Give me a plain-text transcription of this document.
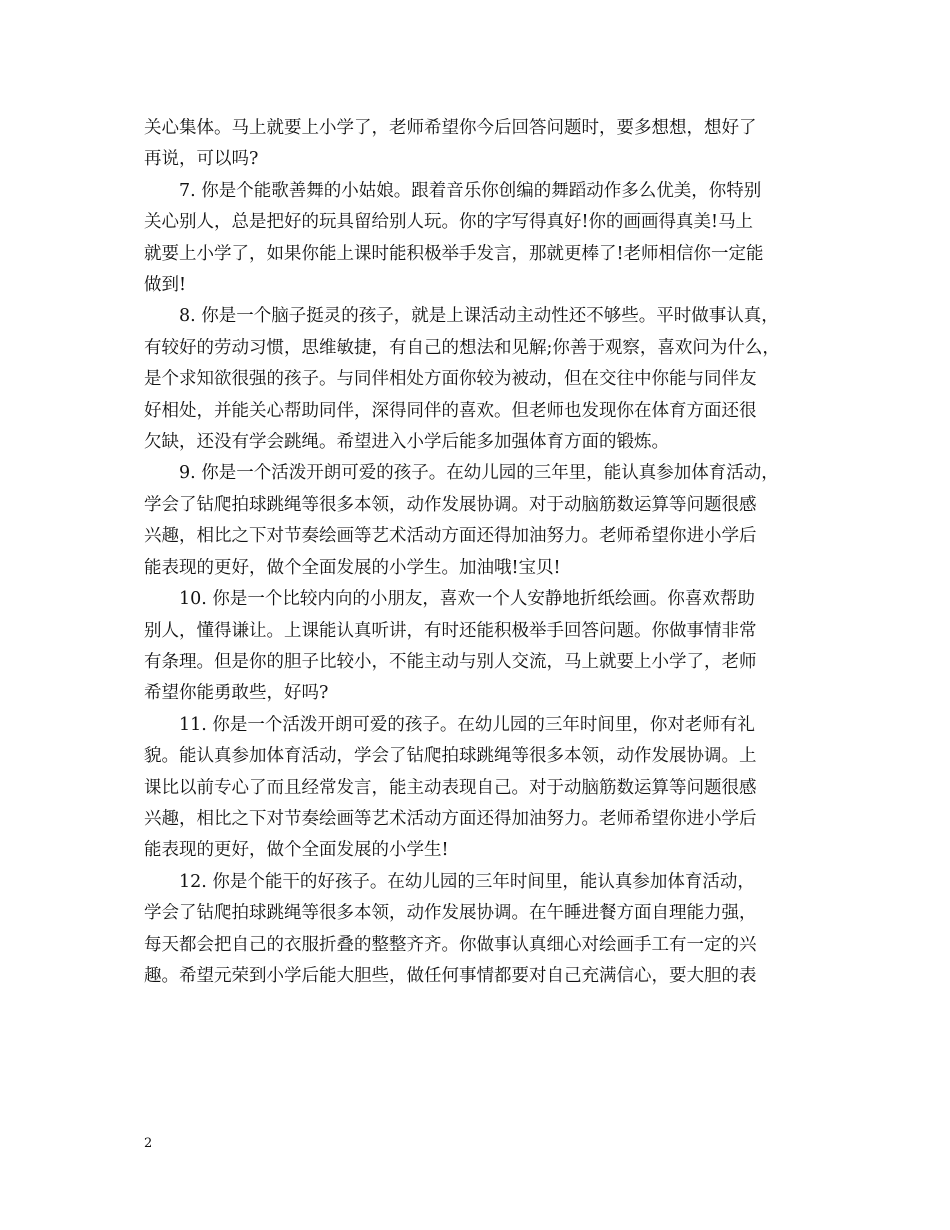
关心集体。马上就要上小学了，老师希望你今后回答问题时，要多想想，想好了
再说，可以吗?

7. 你是个能歌善舞的小姑娘。跟着音乐你创编的舞蹈动作多么优美，你特别
关心别人，总是把好的玩具留给别人玩。你的字写得真好!你的画画得真美!马上
就要上小学了，如果你能上课时能积极举手发言，那就更棒了!老师相信你一定能
做到!

8. 你是一个脑子挺灵的孩子，就是上课活动主动性还不够些。平时做事认真，
有较好的劳动习惯，思维敏捷，有自己的想法和见解;你善于观察，喜欢问为什么，
是个求知欲很强的孩子。与同伴相处方面你较为被动，但在交往中你能与同伴友
好相处，并能关心帮助同伴，深得同伴的喜欢。但老师也发现你在体育方面还很
欠缺，还没有学会跳绳。希望进入小学后能多加强体育方面的锻炼。

9. 你是一个活泼开朗可爱的孩子。在幼儿园的三年里，能认真参加体育活动，
学会了钻爬拍球跳绳等很多本领，动作发展协调。对于动脑筋数运算等问题很感
兴趣，相比之下对节奏绘画等艺术活动方面还得加油努力。老师希望你进小学后
能表现的更好，做个全面发展的小学生。加油哦!宝贝!

10. 你是一个比较内向的小朋友，喜欢一个人安静地折纸绘画。你喜欢帮助
别人，懂得谦让。上课能认真听讲，有时还能积极举手回答问题。你做事情非常
有条理。但是你的胆子比较小，不能主动与别人交流，马上就要上小学了，老师
希望你能勇敢些，好吗?

11. 你是一个活泼开朗可爱的孩子。在幼儿园的三年时间里，你对老师有礼
貌。能认真参加体育活动，学会了钻爬拍球跳绳等很多本领，动作发展协调。上
课比以前专心了而且经常发言，能主动表现自己。对于动脑筋数运算等问题很感
兴趣，相比之下对节奏绘画等艺术活动方面还得加油努力。老师希望你进小学后
能表现的更好，做个全面发展的小学生!

12. 你是个能干的好孩子。在幼儿园的三年时间里，能认真参加体育活动，
学会了钻爬拍球跳绳等很多本领，动作发展协调。在午睡进餐方面自理能力强，
每天都会把自己的衣服折叠的整整齐齐。你做事认真细心对绘画手工有一定的兴
趣。希望元荣到小学后能大胆些，做任何事情都要对自己充满信心，要大胆的表

2
